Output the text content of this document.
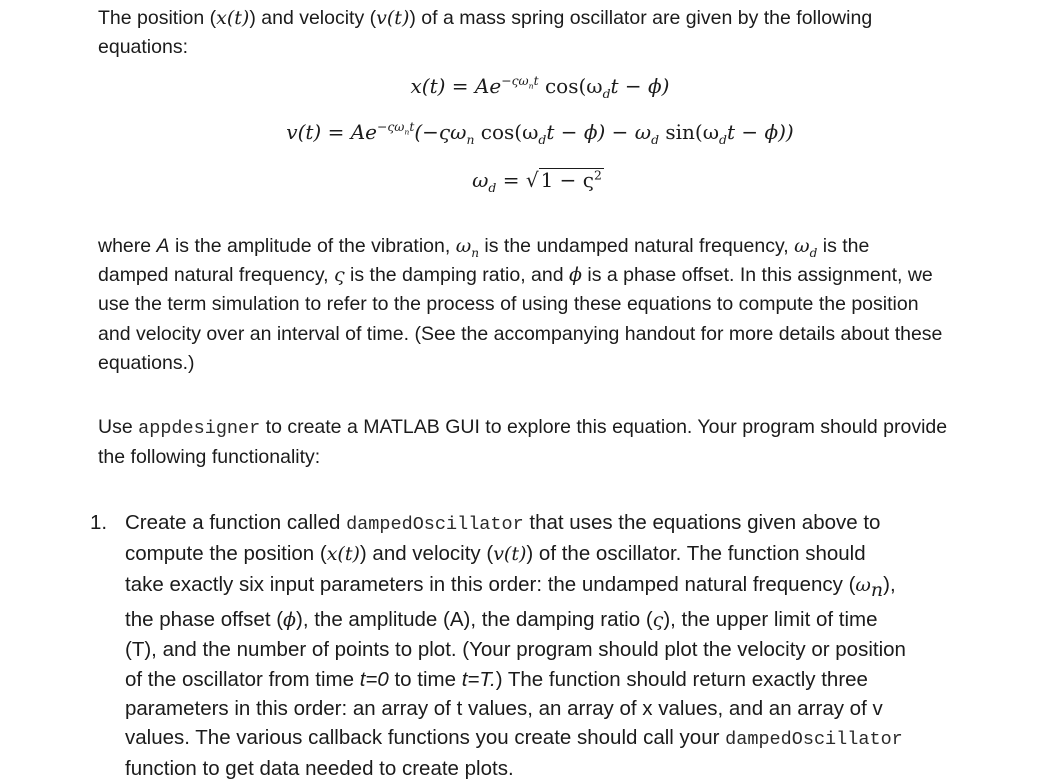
The position (x(t)) and velocity (v(t)) of a mass spring oscillator are given by the following
equations:

$x(t) = Ae^{-\varsigma\omega_nt}$ $\cos(\omega_dt - \phi)$
$v(t) = Ae^{-\varsigma\omega_nt}(-\varsigma\omega_n$ $\cos(\omega_dt - \phi) - \omega_d$ $\sin(\omega_dt - \phi)$)
$\omega_d$ = √ $1 - \varsigma^2$

where A is the amplitude of the vibration, $\omega_n$ is the undamped natural frequency, $\omega_d$ is the
damped natural frequency, ς is the damping ratio, and ϕ is a phase offset. In this assignment, we
use the term simulation to refer to the process of using these equations to compute the position
and velocity over an interval of time. (See the accompanying handout for more details about these
equations.)

Use appdesigner to create a MATLAB GUI to explore this equation. Your program should provide
the following functionality:

1. Create a function called dampedOscillator that uses the equations given above to
compute the position (x(t)) and velocity (v(t)) of the oscillator. The function should
take exactly six input parameters in this order: the undamped natural frequency $(\omega_n)$,
the phase offset (ϕ), the amplitude (A), the damping ratio (ς), the upper limit of time
(T), and the number of points to plot. (Your program should plot the velocity or position
of the oscillator from time t=0 to time t=T.) The function should return exactly three
parameters in this order: an array of t values, an array of x values, and an array of v
values. The various callback functions you create should call your dampedOscillator
function to get data needed to create plots.
